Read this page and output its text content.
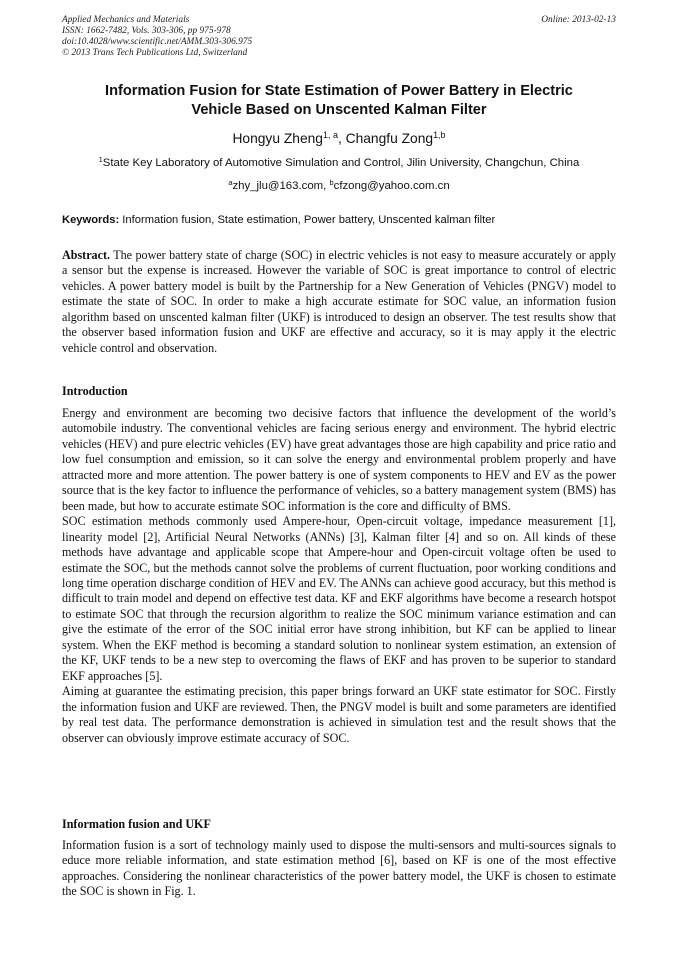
Applied Mechanics and Materials
ISSN: 1662-7482, Vols. 303-306, pp 975-978
doi:10.4028/www.scientific.net/AMM.303-306.975
© 2013 Trans Tech Publications Ltd, Switzerland
Online: 2013-02-13
Information Fusion for State Estimation of Power Battery in Electric
Vehicle Based on Unscented Kalman Filter
Hongyu Zheng$^{1, a}$, Changfu Zong$^{1,b}$
$^1$State Key Laboratory of Automotive Simulation and Control, Jilin University, Changchun, China
$^a$zhy_jlu@163.com, $^b$cfzong@yahoo.com.cn
Keywords: Information fusion, State estimation, Power battery, Unscented kalman filter

Abstract. The power battery state of charge (SOC) in electric vehicles is not easy to measure accurately or apply a sensor but the expense is increased. However the variable of SOC is great importance to control of electric vehicles. A power battery model is built by the Partnership for a New Generation of Vehicles (PNGV) model to estimate the state of SOC. In order to make a high accurate estimate for SOC value, an information fusion algorithm based on unscented kalman filter (UKF) is introduced to design an observer. The test results show that the observer based information fusion and UKF are effective and accuracy, so it is may apply it the electric vehicle control and observation.

Introduction

Energy and environment are becoming two decisive factors that influence the development of the world’s automobile industry. The conventional vehicles are facing serious energy and environment. The hybrid electric vehicles (HEV) and pure electric vehicles (EV) have great advantages those are high capability and price ratio and low fuel consumption and emission, so it can solve the energy and environmental problem properly and have attracted more and more attention. The power battery is one of system components to HEV and EV as the power source that is the key factor to influence the performance of vehicles, so a battery management system (BMS) has been made, but how to accurate estimate SOC information is the core and difficulty of BMS.

SOC estimation methods commonly used Ampere-hour, Open-circuit voltage, impedance measurement [1], linearity model [2], Artificial Neural Networks (ANNs) [3], Kalman filter [4] and so on. All kinds of these methods have advantage and applicable scope that Ampere-hour and Open-circuit voltage often be used to estimate the SOC, but the methods cannot solve the problems of current fluctuation, poor working conditions and long time operation discharge condition of HEV and EV. The ANNs can achieve good accuracy, but this method is difficult to train model and depend on effective test data. KF and EKF algorithms have become a research hotspot to estimate SOC that through the recursion algorithm to realize the SOC minimum variance estimation and can give the estimate of the error of the SOC initial error have strong inhibition, but KF can be applied to linear system. When the EKF method is becoming a standard solution to nonlinear system estimation, an extension of the KF, UKF tends to be a new step to overcoming the flaws of EKF and has proven to be superior to standard EKF approaches [5].

Aiming at guarantee the estimating precision, this paper brings forward an UKF state estimator for SOC. Firstly the information fusion and UKF are reviewed. Then, the PNGV model is built and some parameters are identified by real test data. The performance demonstration is achieved in simulation test and the result shows that the observer can obviously improve estimate accuracy of SOC.

Information fusion and UKF

Information fusion is a sort of technology mainly used to dispose the multi-sensors and multi-sources signals to educe more reliable information, and state estimation method [6], based on KF is one of the most effective approaches. Considering the nonlinear characteristics of the power battery model, the UKF is chosen to estimate the SOC is shown in Fig. 1.
